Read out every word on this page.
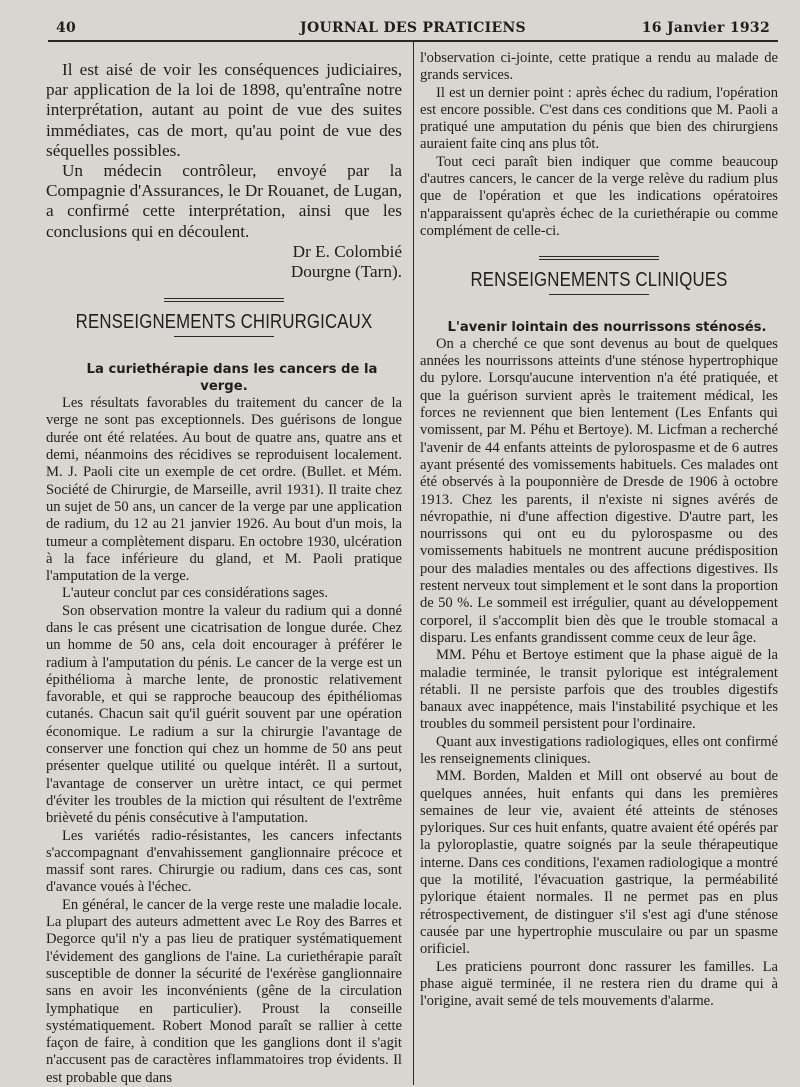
40	JOURNAL DES PRATICIENS	16 Janvier 1932

Il est aisé de voir les conséquences judiciaires, par application de la loi de 1898, qu'entraîne notre interprétation, autant au point de vue des suites immédiates, cas de mort, qu'au point de vue des séquelles possibles.

Un médecin contrôleur, envoyé par la Compagnie d'Assurances, le Dr Rouanet, de Lugan, a confirmé cette interprétation, ainsi que les conclusions qui en découlent.

Dr E. Colombié
Dourgne (Tarn).
RENSEIGNEMENTS CHIRURGICAUX

La curiethérapie dans les cancers de la verge.

Les résultats favorables du traitement du cancer de la verge ne sont pas exceptionnels. Des guérisons de longue durée ont été relatées. Au bout de quatre ans, quatre ans et demi, néanmoins des récidives se reproduisent localement. M. J. Paoli cite un exemple de cet ordre. (Bullet. et Mém. Société de Chirurgie, de Marseille, avril 1931). Il traite chez un sujet de 50 ans, un cancer de la verge par une application de radium, du 12 au 21 janvier 1926. Au bout d'un mois, la tumeur a complètement disparu. En octobre 1930, ulcération à la face inférieure du gland, et M. Paoli pratique l'amputation de la verge.

L'auteur conclut par ces considérations sages.

Son observation montre la valeur du radium qui a donné dans le cas présent une cicatrisation de longue durée. Chez un homme de 50 ans, cela doit encourager à préférer le radium à l'amputation du pénis. Le cancer de la verge est un épithélioma à marche lente, de pronostic relativement favorable, et qui se rapproche beaucoup des épithéliomas cutanés. Chacun sait qu'il guérit souvent par une opération économique. Le radium a sur la chirurgie l'avantage de conserver une fonction qui chez un homme de 50 ans peut présenter quelque utilité ou quelque intérêt. Il a surtout, l'avantage de conserver un urètre intact, ce qui permet d'éviter les troubles de la miction qui résultent de l'extrême brièveté du pénis consécutive à l'amputation.

Les variétés radio-résistantes, les cancers infectants s'accompagnant d'envahissement ganglionnaire précoce et massif sont rares. Chirurgie ou radium, dans ces cas, sont d'avance voués à l'échec.

En général, le cancer de la verge reste une maladie locale. La plupart des auteurs admettent avec Le Roy des Barres et Degorce qu'il n'y a pas lieu de pratiquer systématiquement l'évidement des ganglions de l'aine. La curiethérapie paraît susceptible de donner la sécurité de l'exérèse ganglionnaire sans en avoir les inconvénients (gêne de la circulation lymphatique en particulier). Proust la conseille systématiquement. Robert Monod paraît se rallier à cette façon de faire, à condition que les ganglions dont il s'agit n'accusent pas de caractères inflammatoires trop évidents. Il est probable que dans

l'observation ci-jointe, cette pratique a rendu au malade de grands services.

Il est un dernier point : après échec du radium, l'opération est encore possible. C'est dans ces conditions que M. Paoli a pratiqué une amputation du pénis que bien des chirurgiens auraient faite cinq ans plus tôt.

Tout ceci paraît bien indiquer que comme beaucoup d'autres cancers, le cancer de la verge relève du radium plus que de l'opération et que les indications opératoires n'apparaissent qu'après échec de la curiethérapie ou comme complément de celle-ci.

RENSEIGNEMENTS CLINIQUES

L'avenir lointain des nourrissons sténosés.

On a cherché ce que sont devenus au bout de quelques années les nourrissons atteints d'une sténose hypertrophique du pylore. Lorsqu'aucune intervention n'a été pratiquée, et que la guérison survient après le traitement médical, les forces ne reviennent que bien lentement (Les Enfants qui vomissent, par M. Péhu et Bertoye). M. Licfman a recherché l'avenir de 44 enfants atteints de pylorospasme et de 6 autres ayant présenté des vomissements habituels. Ces malades ont été observés à la pouponnière de Dresde de 1906 à octobre 1913. Chez les parents, il n'existe ni signes avérés de névropathie, ni d'une affection digestive. D'autre part, les nourrissons qui ont eu du pylorospasme ou des vomissements habituels ne montrent aucune prédisposition pour des maladies mentales ou des affections digestives. Ils restent nerveux tout simplement et le sont dans la proportion de 50 %. Le sommeil est irrégulier, quant au développement corporel, il s'accomplit bien dès que le trouble stomacal a disparu. Les enfants grandissent comme ceux de leur âge.

MM. Péhu et Bertoye estiment que la phase aiguë de la maladie terminée, le transit pylorique est intégralement rétabli. Il ne persiste parfois que des troubles digestifs banaux avec inappétence, mais l'instabilité psychique et les troubles du sommeil persistent pour l'ordinaire.

Quant aux investigations radiologiques, elles ont confirmé les renseignements cliniques.

MM. Borden, Malden et Mill ont observé au bout de quelques années, huit enfants qui dans les premières semaines de leur vie, avaient été atteints de sténoses pyloriques. Sur ces huit enfants, quatre avaient été opérés par la pyloroplastie, quatre soignés par la seule thérapeutique interne. Dans ces conditions, l'examen radiologique a montré que la motilité, l'évacuation gastrique, la perméabilité pylorique étaient normales. Il ne permet pas en plus rétrospectivement, de distinguer s'il s'est agi d'une sténose causée par une hypertrophie musculaire ou par un spasme orificiel.

Les praticiens pourront donc rassurer les familles. La phase aiguë terminée, il ne restera rien du drame qui à l'origine, avait semé de tels mouvements d'alarme.
